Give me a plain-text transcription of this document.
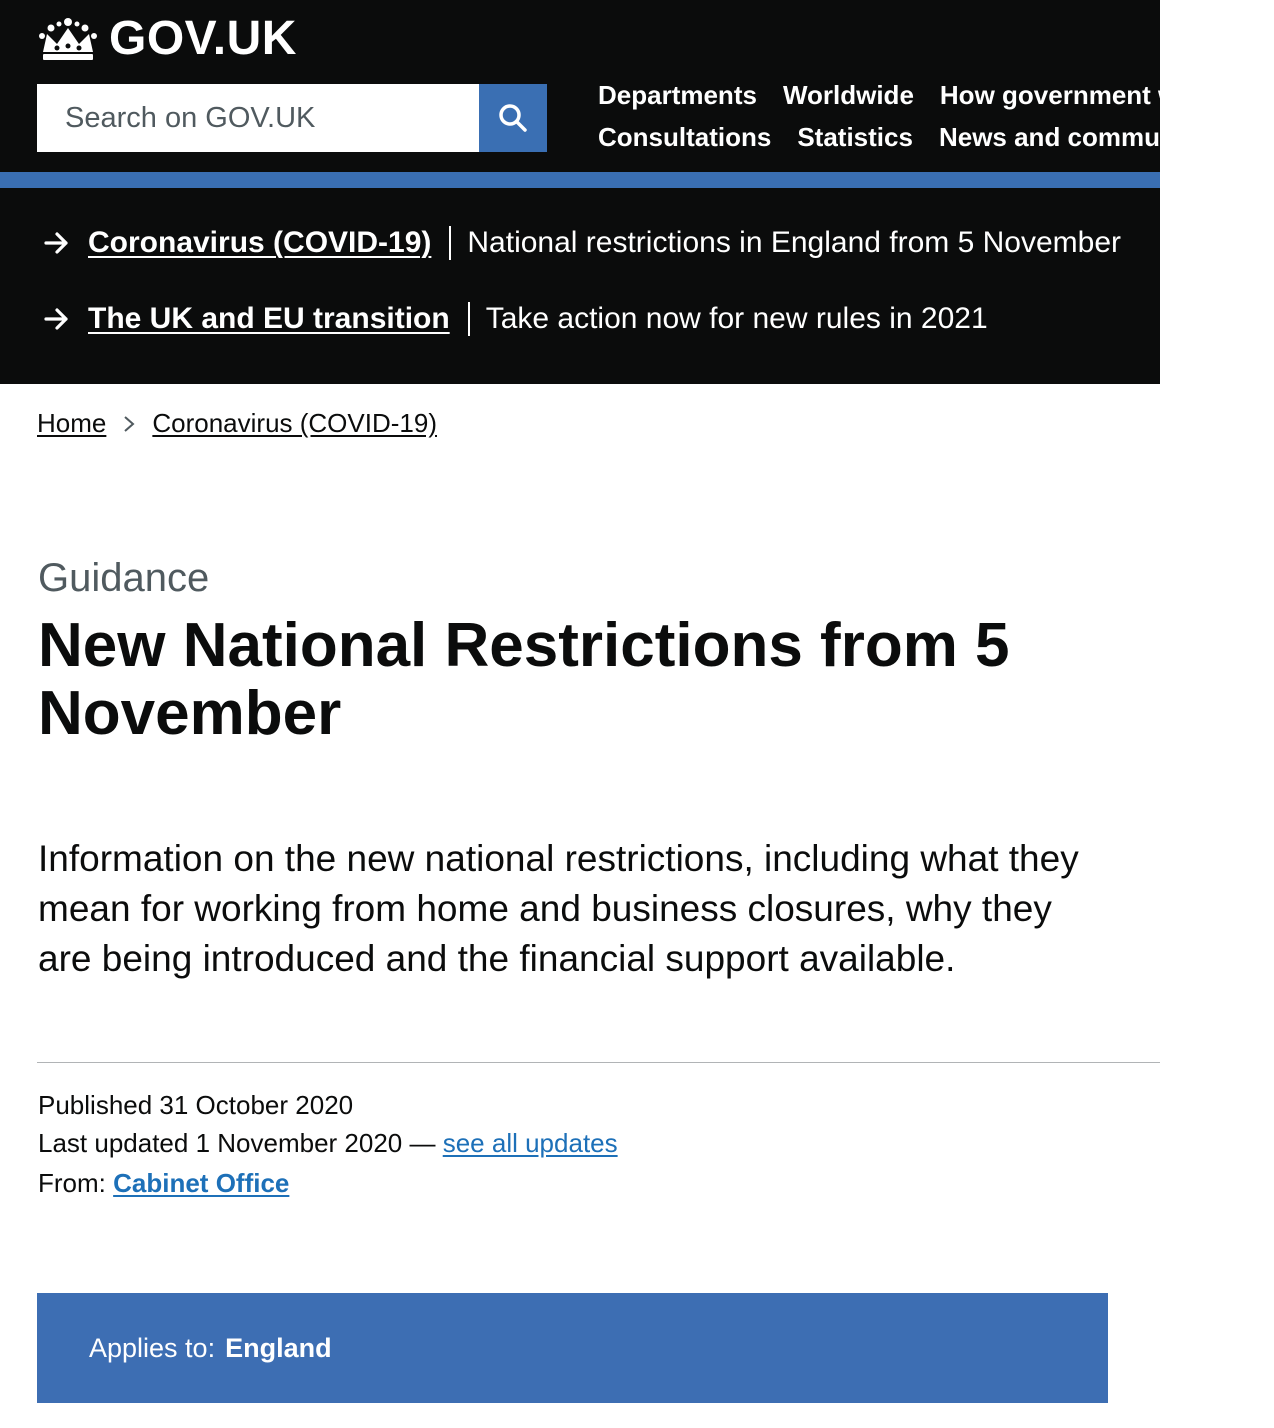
GOV.UK
Search on GOV.UK
Departments Worldwide How government works
Consultations Statistics News and communications
Coronavirus (COVID-19) National restrictions in England from 5 November
The UK and EU transition Take action now for new rules in 2021
Home Coronavirus (COVID-19)
Guidance
New National Restrictions from 5 November

Information on the new national restrictions, including what they mean for working from home and business closures, why they are being introduced and the financial support available.

Published 31 October 2020
Last updated 1 November 2020 — see all updates
From: Cabinet Office
Applies to: England
